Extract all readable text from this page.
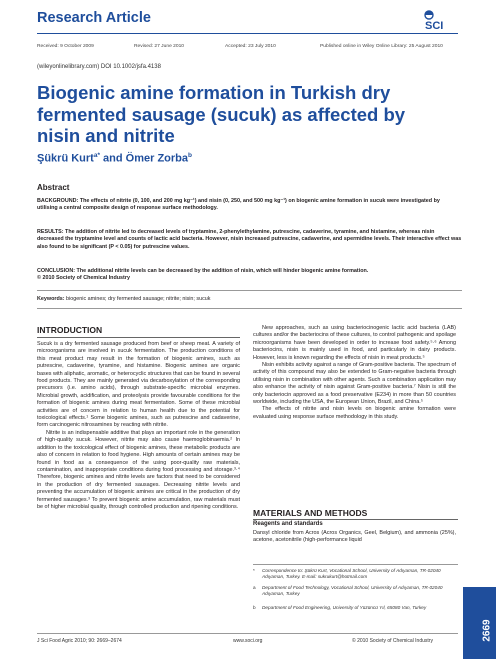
Research Article	SCI
Received: 9 October 2009	Revised: 27 June 2010	Accepted: 23 July 2010	Published online in Wiley Online Library: 25 August 2010
(wileyonlinelibrary.com) DOI 10.1002/jsfa.4138
Biogenic amine formation in Turkish dry fermented sausage (sucuk) as affected by nisin and nitrite
Şükrü Kurt$^{a*}$ and Ömer Zorba$^b$
Abstract
BACKGROUND: The effects of nitrite (0, 100, and 200 mg kg⁻¹) and nisin (0, 250, and 500 mg kg⁻¹) on biogenic amine formation in sucuk were investigated by utilising a central composite design of response surface methodology.
RESULTS: The addition of nitrite led to decreased levels of tryptamine, 2-phenylethylamine, putrescine, cadaverine, tyramine, and histamine, whereas nisin decreased the tryptamine level and counts of lactic acid bacteria. However, nisin increased putrescine, cadaverine, and spermidine levels. Their interactive effect was also found to be significant (P < 0.05) for putrescine values.
CONCLUSION: The additional nitrite levels can be decreased by the addition of nisin, which will hinder biogenic amine formation.
© 2010 Society of Chemical Industry
Keywords: biogenic amines; dry fermented sausage; nitrite; nisin; sucuk
INTRODUCTION

Sucuk is a dry fermented sausage produced from beef or sheep meat. A variety of microorganisms are involved in sucuk fermentation. The production conditions of this meat product may result in the formation of biogenic amines, such as putrescine, cadaverine, tyramine, and histamine. Biogenic amines are organic bases with aliphatic, aromatic, or heterocyclic structures that can be found in several food products. They are mainly generated via decarboxylation of the corresponding precursors (i.e. amino acids), through substrate-specific microbial enzymes. Microbial growth, acidification, and proteolysis provide favourable conditions for the formation of biogenic amines during meat fermentation. Some of these microbial activities are of concern in relation to human health due to the potential for toxicological effects.¹ Some biogenic amines, such as putrescine and cadaverine, form carcinogenic nitrosamines by reacting with nitrite.

Nitrite is an indispensable additive that plays an important role in the generation of high-quality sucuk. However, nitrite may also cause haemoglobinaemia.² In addition to the toxicological effect of biogenic amines, these metabolic products are also of concern in relation to food hygiene. High amounts of certain amines may be found in food as a consequence of the using poor-quality raw materials, contamination, and inappropriate conditions during food processing and storage.³·⁴ Therefore, biogenic amines and nitrite levels are factors that need to be considered in the production of dry fermented sausages. Decreasing nitrite levels and preventing the accumulation of biogenic amines are critical in the production of dry fermented sausages.³ To prevent biogenic amine accumulation, raw materials must be of higher microbial quality, through controlled production and ripening conditions.

New approaches, such as using bacteriocinogenic lactic acid bacteria (LAB) cultures and/or the bacteriocins of these cultures, to control pathogenic and spoilage microorganisms have been developed in order to increase food safety.⁵·⁶ Among bacteriocins, nisin is mainly used in food, and particularly in dairy products. However, less is known regarding the effects of nisin in meat products.⁵

Nisin exhibits activity against a range of Gram-positive bacteria. The spectrum of activity of this compound may also be extended to Gram-negative bacteria through utilising nisin in combination with other agents. Such a combination application may also enhance the activity of nisin against Gram-positive bacteria.⁷ Nisin is still the only bacteriocin approved as a food preservative (E234) in more than 50 countries worldwide, including the USA, the European Union, Brazil, and China.⁵

The effects of nitrite and nisin levels on biogenic amine formation were evaluated using response surface methodology in this study.

MATERIALS AND METHODS
Reagents and standards

Dansyl chloride from Acros (Acros Organics, Geel, Belgium), and ammonia (25%), acetone, acetonitrile (high-performance liquid

*	Correspondence to: Şükrü Kurt, Vocational School, University of Adıyaman, TR-02040 Adıyaman, Turkey. E-mail: sukrukurt@hotmail.com
a	Department of Food Technology, Vocational School, University of Adıyaman, TR-02040 Adıyaman, Turkey
b	Department of Food Engineering, University of Yüzüncü Yıl, 65080 Van, Turkey
2669
J Sci Food Agric 2010; 90: 2669–2674	www.soci.org	© 2010 Society of Chemical Industry
